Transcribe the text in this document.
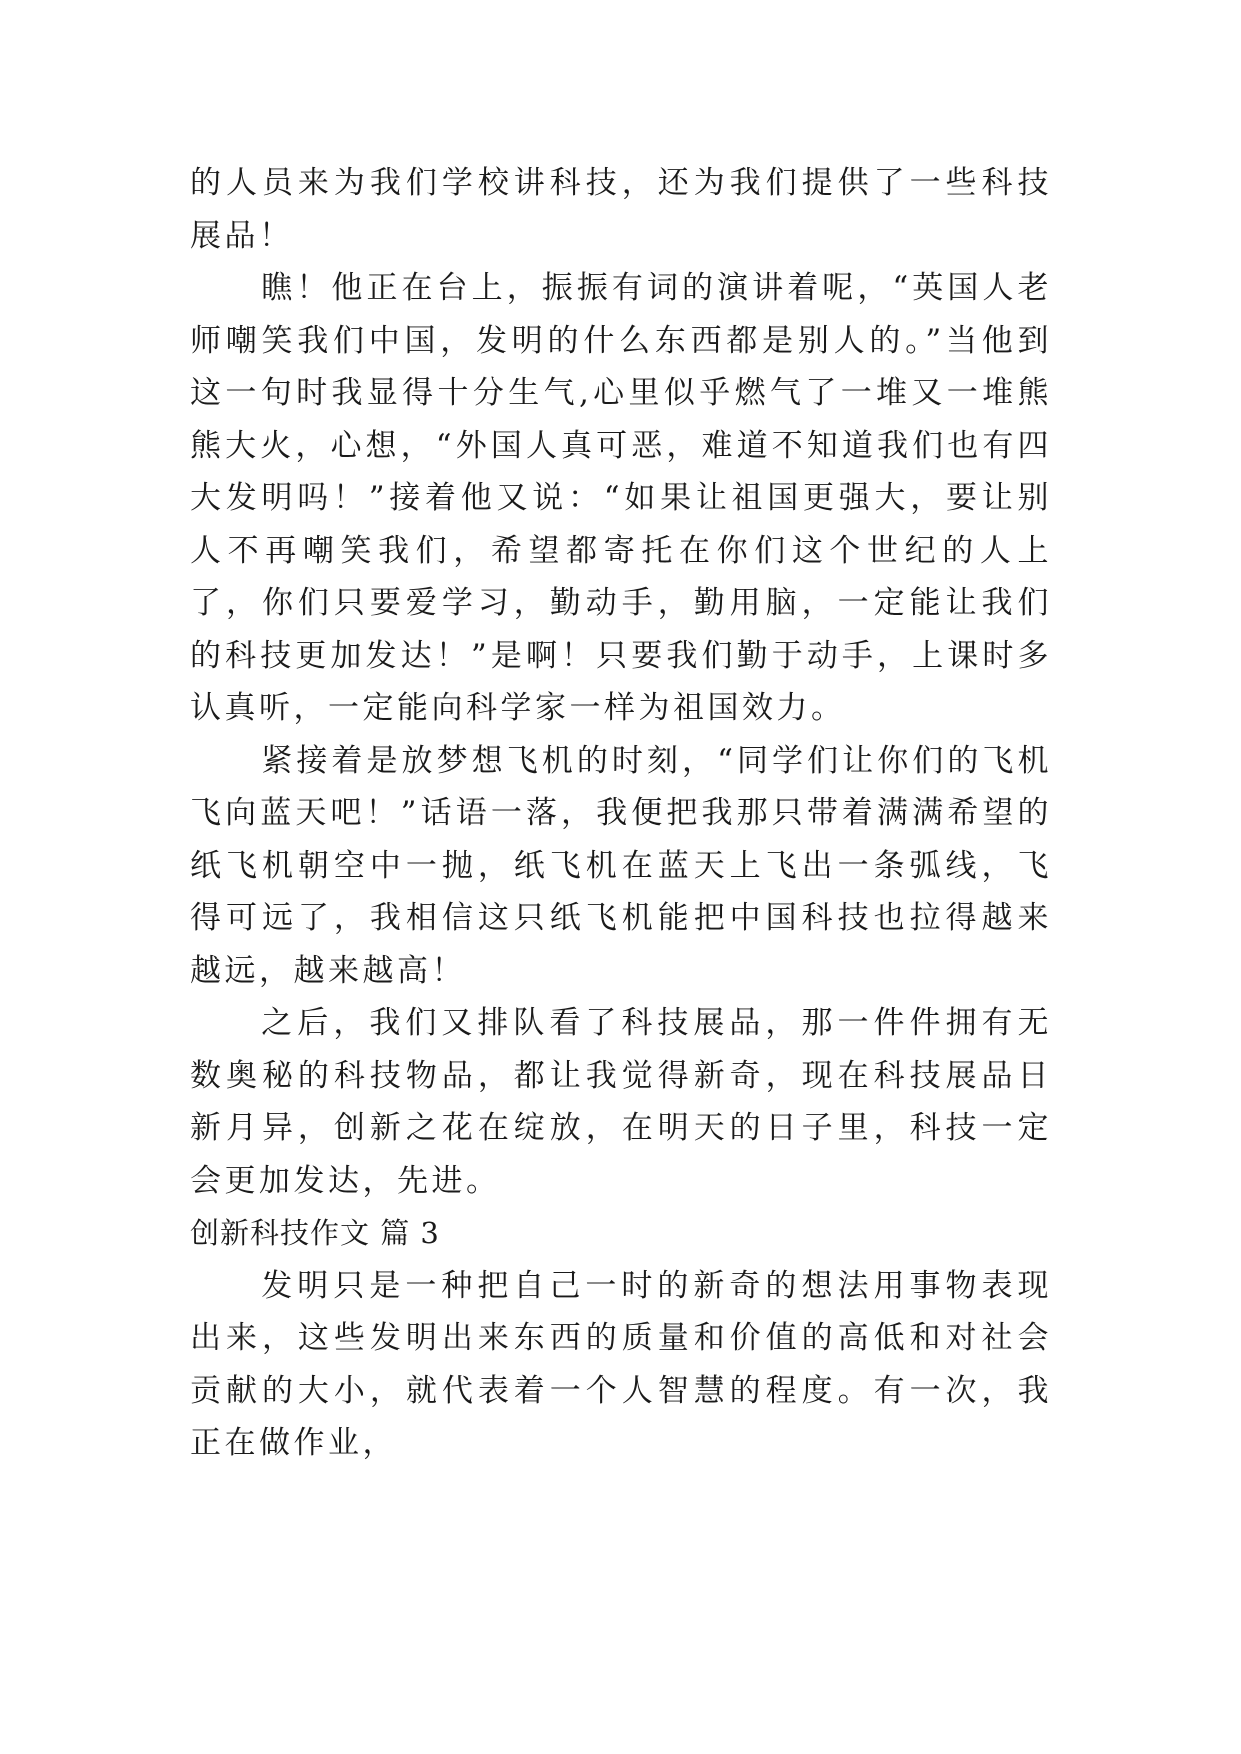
的人员来为我们学校讲科技，还为我们提供了一些科技展品！

瞧！他正在台上，振振有词的演讲着呢，“英国人老师嘲笑我们中国，发明的什么东西都是别人的。”当他到这一句时我显得十分生气,心里似乎燃气了一堆又一堆熊熊大火，心想，“外国人真可恶，难道不知道我们也有四大发明吗！”接着他又说：“如果让祖国更强大，要让别人不再嘲笑我们，希望都寄托在你们这个世纪的人上了，你们只要爱学习，勤动手，勤用脑，一定能让我们的科技更加发达！”是啊！只要我们勤于动手，上课时多认真听，一定能向科学家一样为祖国效力。

紧接着是放梦想飞机的时刻，“同学们让你们的飞机飞向蓝天吧！”话语一落，我便把我那只带着满满希望的纸飞机朝空中一抛，纸飞机在蓝天上飞出一条弧线，飞得可远了，我相信这只纸飞机能把中国科技也拉得越来越远，越来越高！

之后，我们又排队看了科技展品，那一件件拥有无数奥秘的科技物品，都让我觉得新奇，现在科技展品日新月异，创新之花在绽放，在明天的日子里，科技一定会更加发达，先进。

创新科技作文 篇 3

发明只是一种把自己一时的新奇的想法用事物表现出来，这些发明出来东西的质量和价值的高低和对社会贡献的大小，就代表着一个人智慧的程度。有一次，我正在做作业，
